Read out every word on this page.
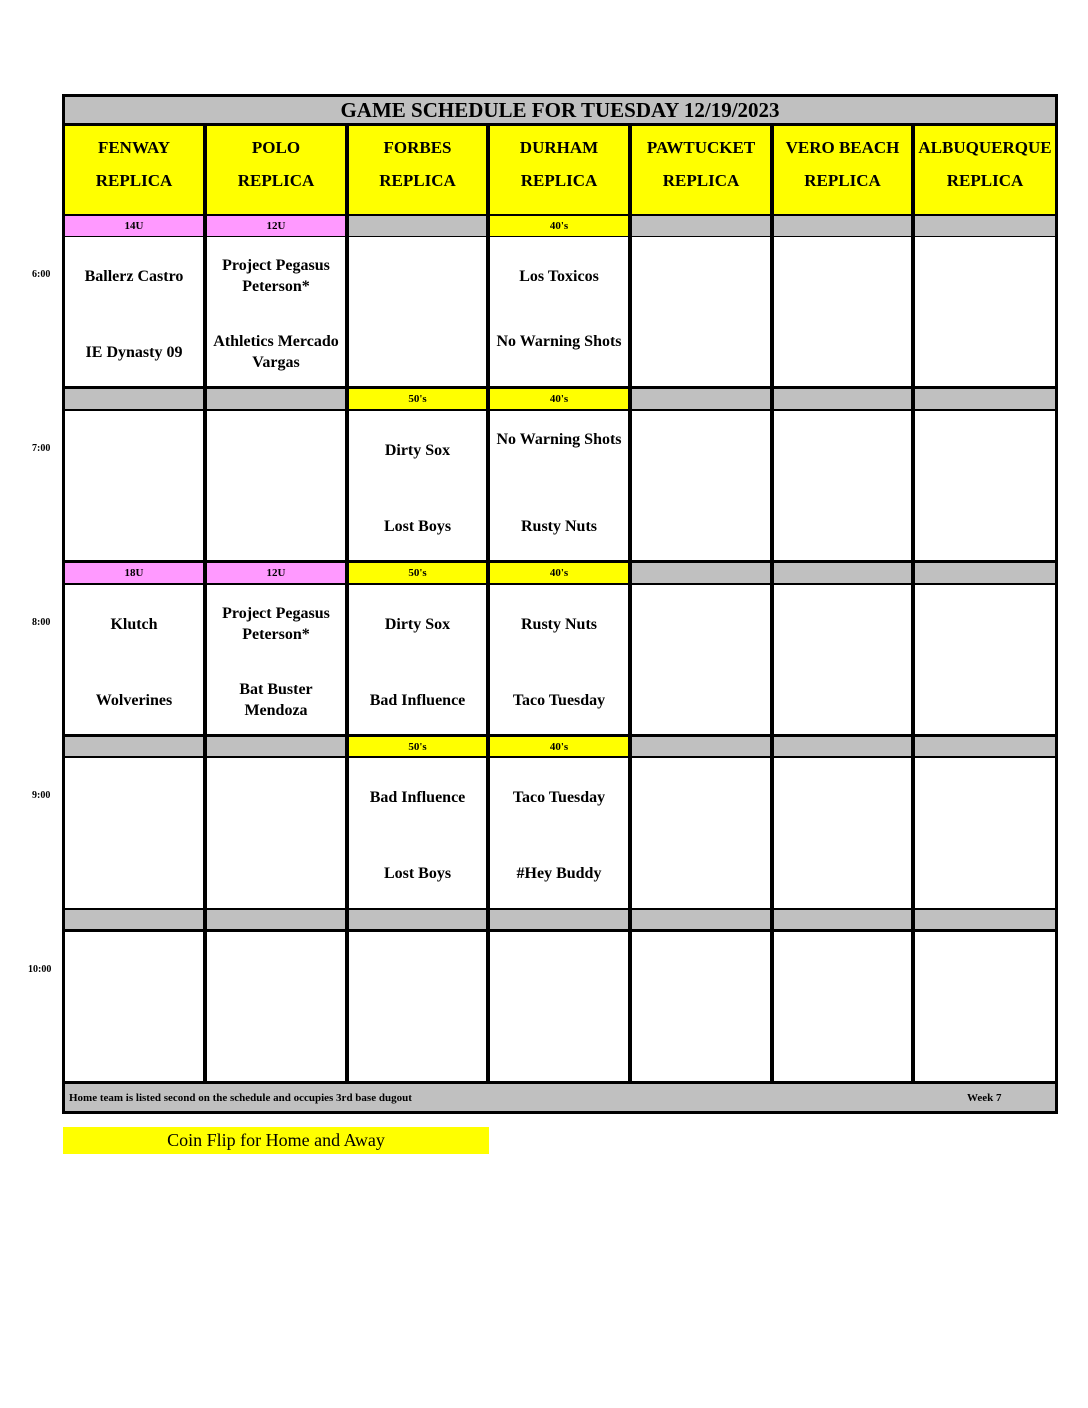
GAME SCHEDULE FOR TUESDAY 12/19/2023
FENWAY
REPLICA
POLO
REPLICA
FORBES
REPLICA
DURHAM
REPLICA
PAWTUCKET
REPLICA
VERO BEACH
REPLICA
ALBUQUERQUE
REPLICA
14U
Ballerz Castro
IE Dynasty 09
12U
Project Pegasus Peterson*
Athletics Mercado Vargas
40's
Los Toxicos
No Warning Shots
50's
Dirty Sox
Lost Boys
40's
No Warning Shots
Rusty Nuts
18U
Klutch
Wolverines
12U
Project Pegasus Peterson*
Bat Buster Mendoza
50's
Dirty Sox
Bad Influence
40's
Rusty Nuts
Taco Tuesday
50's
Bad Influence
Lost Boys
40's
Taco Tuesday
#Hey Buddy
Home team is listed second on the schedule and occupies 3rd base dugout	Week 7
Coin Flip for Home and Away
6:00
7:00
8:00
9:00
10:00
